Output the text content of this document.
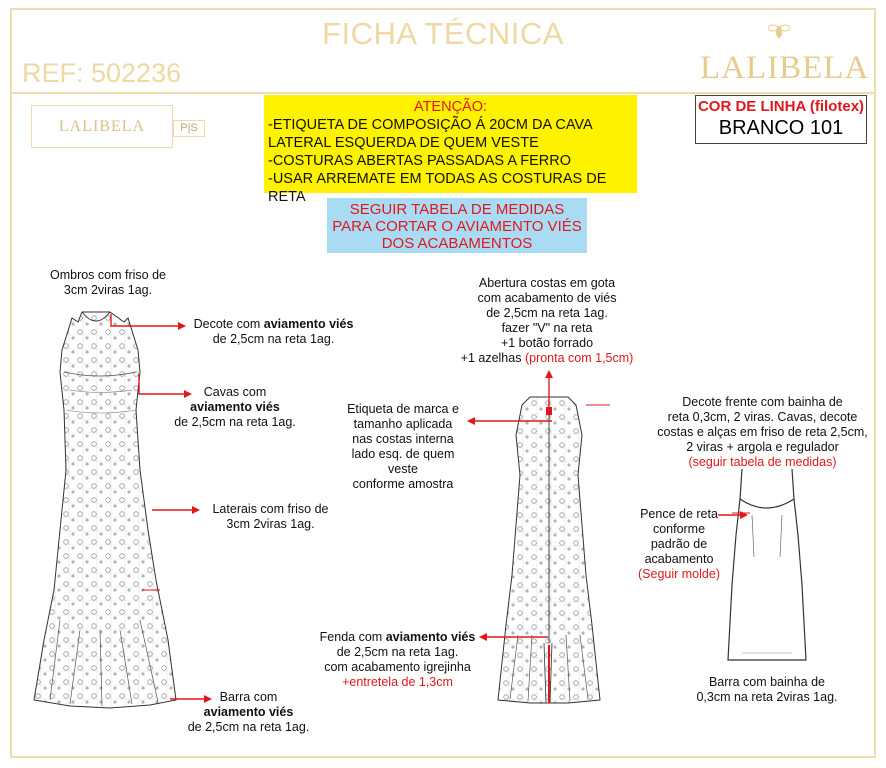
FICHA TÉCNICA
REF: 502236	LALIBELA
LALIBELA	P|S
ATENÇÃO:
-ETIQUETA DE COMPOSIÇÃO Á 20CM DA CAVA
LATERAL ESQUERDA DE QUEM VESTE
-COSTURAS ABERTAS PASSADAS A FERRO
-USAR ARREMATE EM TODAS AS COSTURAS DE RETA
COR DE LINHA (filotex)
BRANCO 101
SEGUIR TABELA DE MEDIDAS
PARA CORTAR O AVIAMENTO VIÉS
DOS ACABAMENTOS
Ombros com friso de
3cm 2viras 1ag.
Decote com aviamento viés
de 2,5cm na reta 1ag.
Cavas com
aviamento viés
de 2,5cm na reta 1ag.
Laterais com friso de
3cm 2viras 1ag.
Barra com
aviamento viés
de 2,5cm na reta 1ag.
Abertura costas em gota
com acabamento de viés
de 2,5cm na reta 1ag.
fazer "V" na reta
+1 botão forrado
+1 azelhas (pronta com 1,5cm)
Etiqueta de marca e
tamanho aplicada
nas costas interna
lado esq. de quem veste
conforme amostra
Fenda com aviamento viés
de 2,5cm na reta 1ag.
com acabamento igrejinha
+entretela de 1,3cm
Decote frente com bainha de
reta 0,3cm, 2 viras. Cavas, decote
costas e alças em friso de reta 2,5cm,
2 viras + argola e regulador
(seguir tabela de medidas)
Pence de reta
conforme
padrão de
acabamento
(Seguir molde)
Barra com bainha de
0,3cm na reta 2viras 1ag.
